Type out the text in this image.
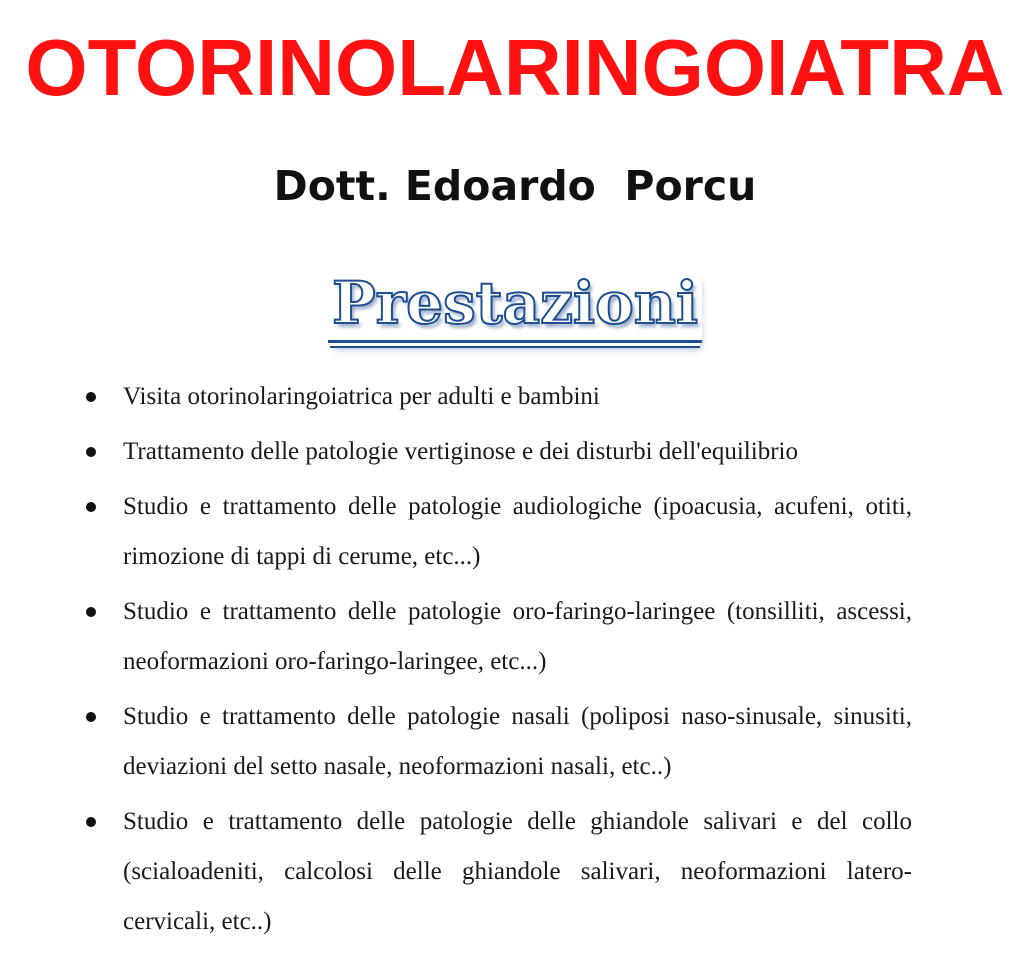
OTORINOLARINGOIATRA
Dott. Edoardo  Porcu
Prestazioni
Visita otorinolaringoiatrica per adulti e bambini
Trattamento delle patologie vertiginose e dei disturbi dell'equilibrio
Studio e trattamento delle patologie audiologiche (ipoacusia, acufeni, otiti, rimozione di tappi di cerume, etc...)
Studio e trattamento delle patologie oro-faringo-laringee (tonsilliti, ascessi, neoformazioni oro-faringo-laringee, etc...)
Studio e trattamento delle patologie nasali (poliposi naso-sinusale, sinusiti, deviazioni del setto nasale, neoformazioni nasali, etc..)
Studio e trattamento delle patologie delle ghiandole salivari e del collo (scialoadeniti, calcolosi delle ghiandole salivari, neoformazioni latero-cervicali, etc..)
